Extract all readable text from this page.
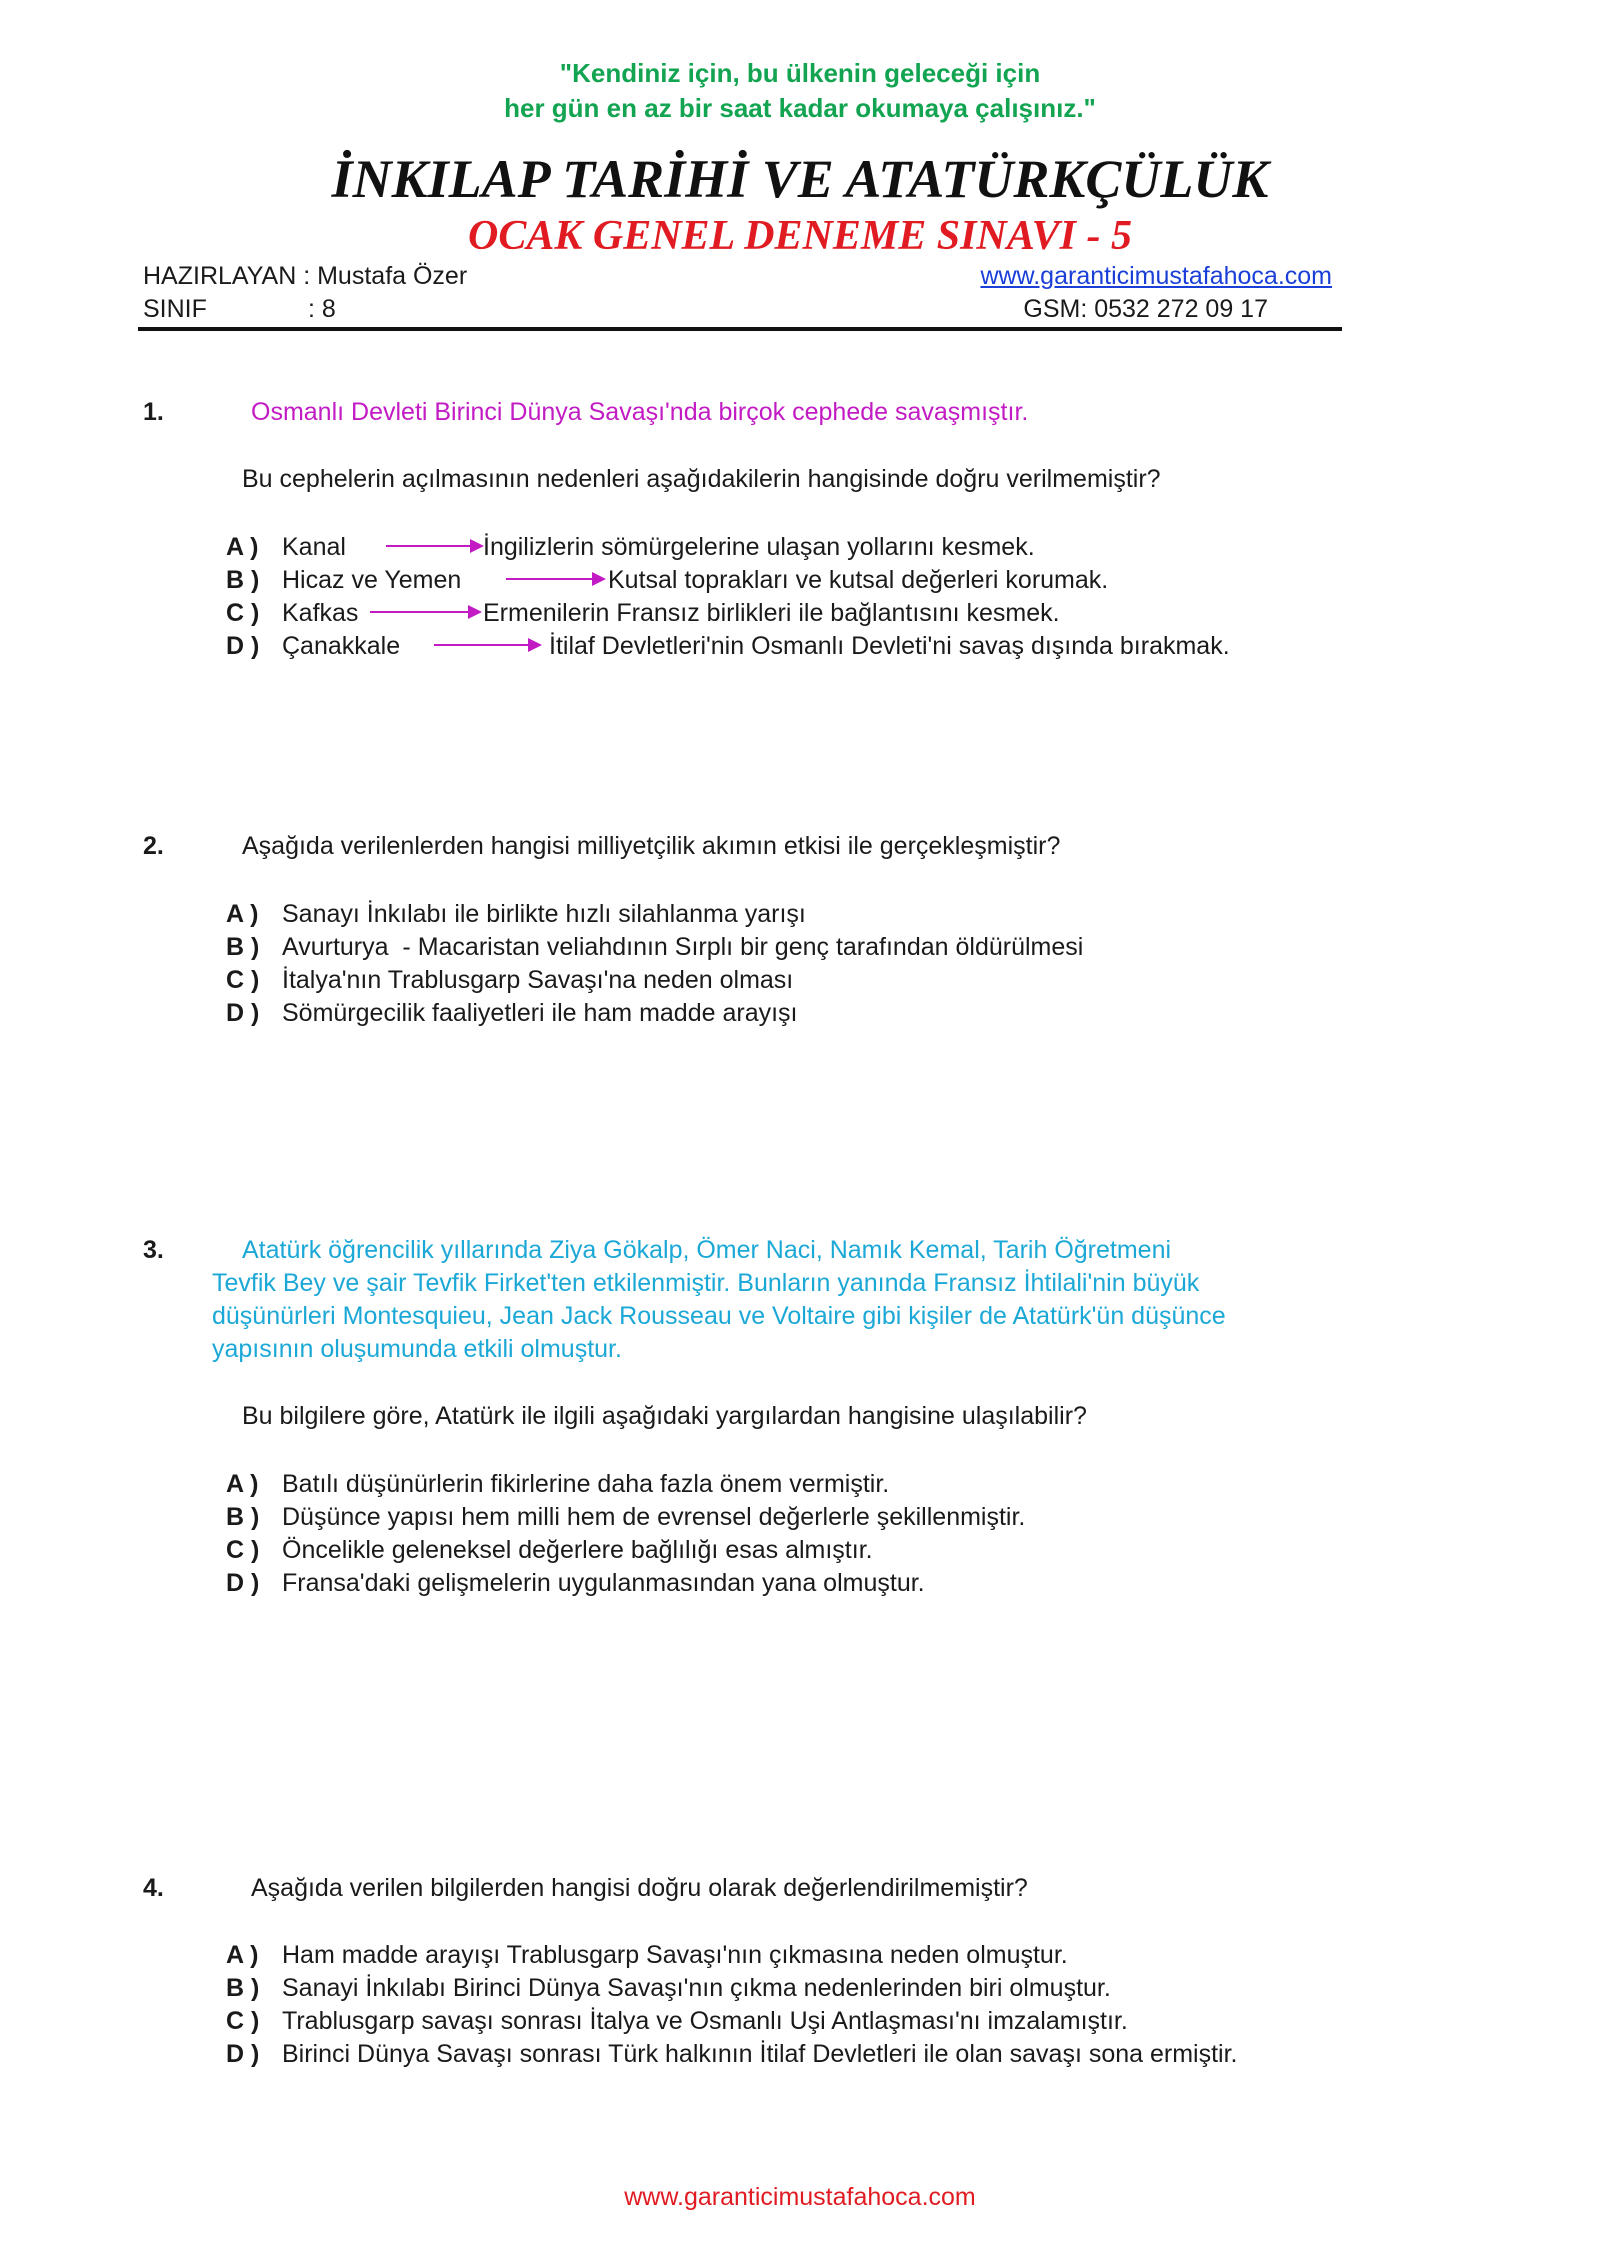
"Kendiniz için, bu ülkenin geleceği için
her gün en az bir saat kadar okumaya çalışınız."
İNKILAP TARİHİ VE ATATÜRKÇÜLÜK
OCAK GENEL DENEME SINAVI - 5
HAZIRLAYAN : Mustafa Özer	www.garanticimustafahoca.com
SINIF	: 8	GSM: 0532 272 09 17
1.	Osmanlı Devleti Birinci Dünya Savaşı'nda birçok cephede savaşmıştır.
Bu cephelerin açılmasının nedenleri aşağıdakilerin hangisinde doğru verilmemiştir?
A ) Kanal	İngilizlerin sömürgelerine ulaşan yollarını kesmek.
B ) Hicaz ve Yemen	Kutsal toprakları ve kutsal değerleri korumak.
C ) Kafkas	Ermenilerin Fransız birlikleri ile bağlantısını kesmek.
D ) Çanakkale	İtilaf Devletleri'nin Osmanlı Devleti'ni savaş dışında bırakmak.
2.	Aşağıda verilenlerden hangisi milliyetçilik akımın etkisi ile gerçekleşmiştir?
A ) Sanayı İnkılabı ile birlikte hızlı silahlanma yarışı
B ) Avurturya  - Macaristan veliahdının Sırplı bir genç tarafından öldürülmesi
C ) İtalya'nın Trablusgarp Savaşı'na neden olması
D ) Sömürgecilik faaliyetleri ile ham madde arayışı
3.	Atatürk öğrencilik yıllarında Ziya Gökalp, Ömer Naci, Namık Kemal, Tarih Öğretmeni
Tevfik Bey ve şair Tevfik Firket'ten etkilenmiştir. Bunların yanında Fransız İhtilali'nin büyük
düşünürleri Montesquieu, Jean Jack Rousseau ve Voltaire gibi kişiler de Atatürk'ün düşünce
yapısının oluşumunda etkili olmuştur.
Bu bilgilere göre, Atatürk ile ilgili aşağıdaki yargılardan hangisine ulaşılabilir?
A ) Batılı düşünürlerin fikirlerine daha fazla önem vermiştir.
B ) Düşünce yapısı hem milli hem de evrensel değerlerle şekillenmiştir.
C ) Öncelikle geleneksel değerlere bağlılığı esas almıştır.
D ) Fransa'daki gelişmelerin uygulanmasından yana olmuştur.
4.	Aşağıda verilen bilgilerden hangisi doğru olarak değerlendirilmemiştir?
A ) Ham madde arayışı Trablusgarp Savaşı'nın çıkmasına neden olmuştur.
B ) Sanayi İnkılabı Birinci Dünya Savaşı'nın çıkma nedenlerinden biri olmuştur.
C ) Trablusgarp savaşı sonrası İtalya ve Osmanlı Uşi Antlaşması'nı imzalamıştır.
D ) Birinci Dünya Savaşı sonrası Türk halkının İtilaf Devletleri ile olan savaşı sona ermiştir.
www.garanticimustafahoca.com
